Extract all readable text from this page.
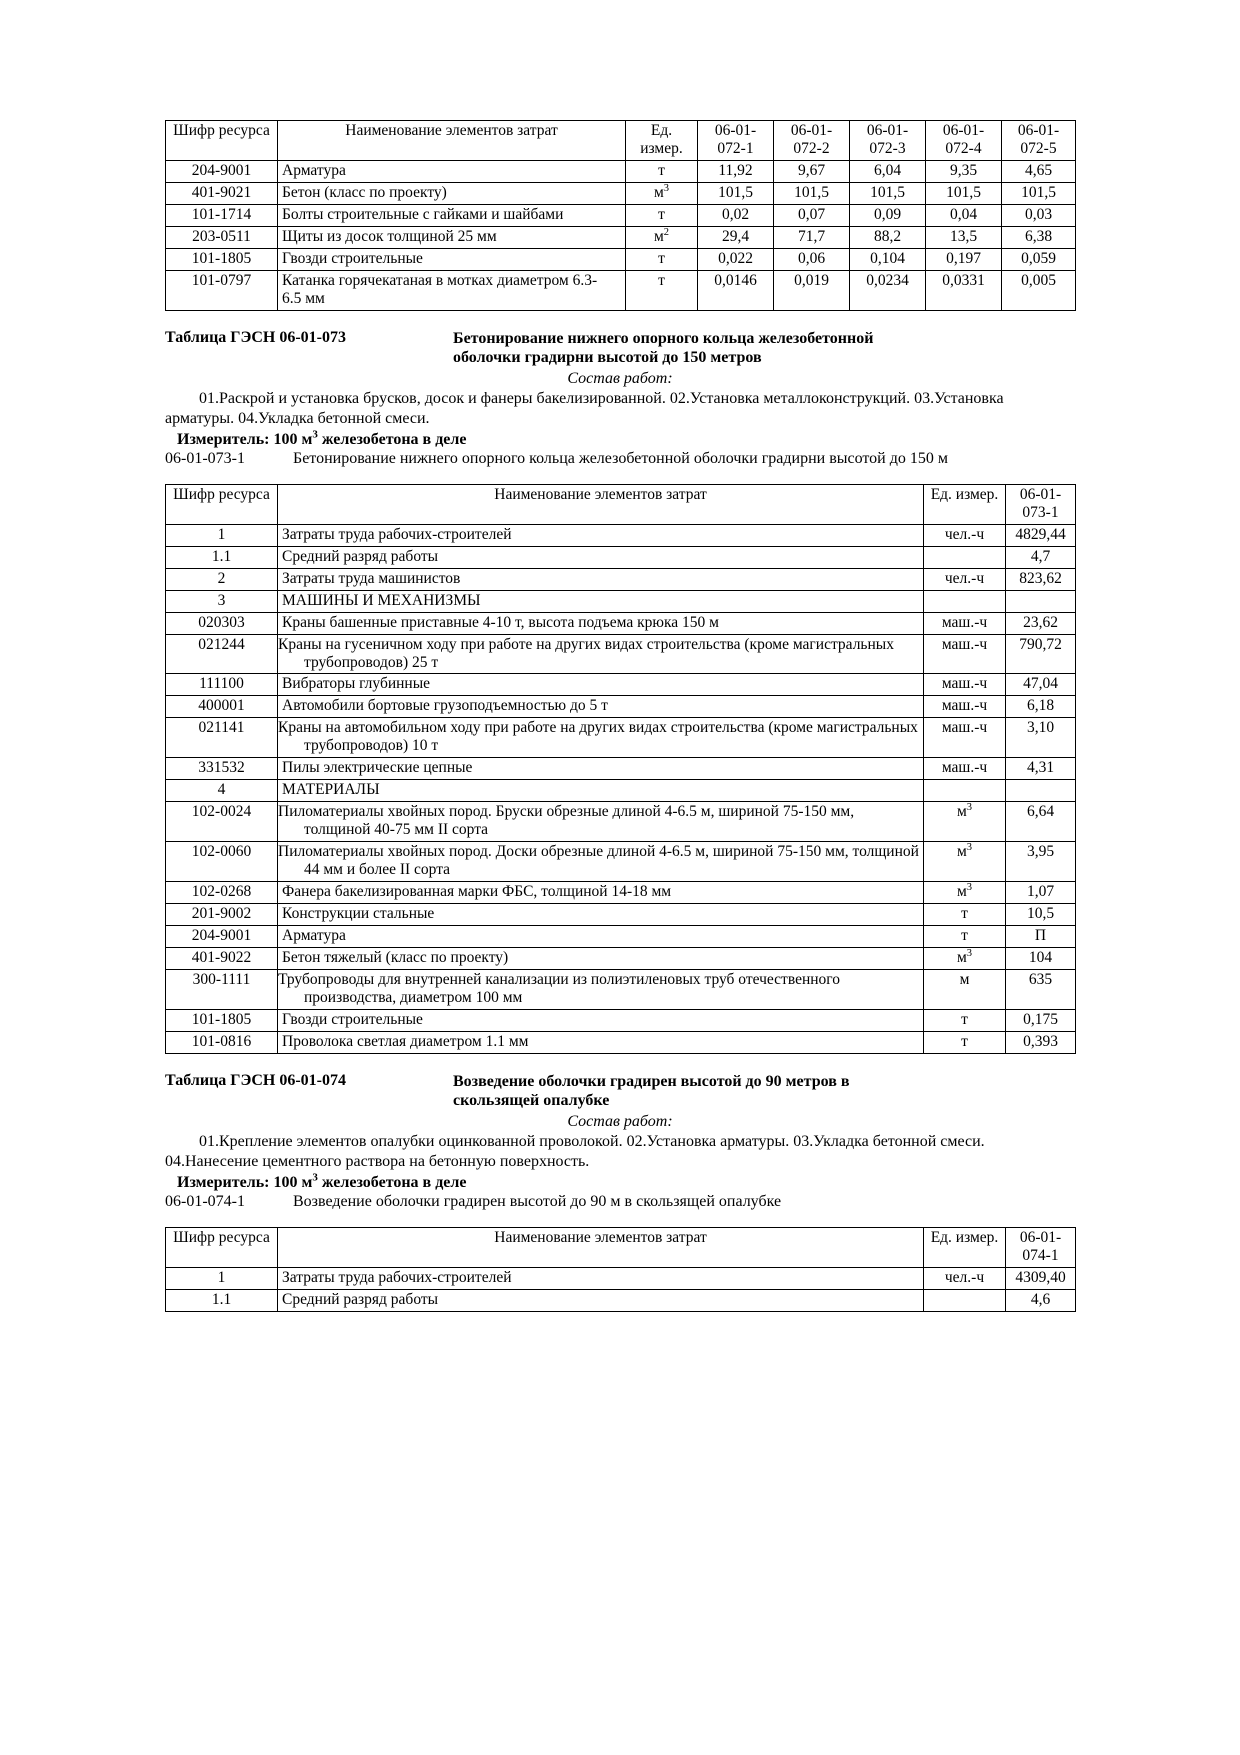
Шифр ресурса	Наименование элементов затрат	Ед. измер.	06-01-072-1	06-01-072-2	06-01-072-3	06-01-072-4	06-01-072-5
204-9001	Арматура	т	11,92	9,67	6,04	9,35	4,65
401-9021	Бетон (класс по проекту)	$м^3$	101,5	101,5	101,5	101,5	101,5
101-1714	Болты строительные с гайками и шайбами	т	0,02	0,07	0,09	0,04	0,03
203-0511	Щиты из досок толщиной 25 мм	$м^2$	29,4	71,7	88,2	13,5	6,38
101-1805	Гвозди строительные	т	0,022	0,06	0,104	0,197	0,059
101-0797	Катанка горячекатаная в мотках диаметром 6.3-6.5 мм	т	0,0146	0,019	0,0234	0,0331	0,005
Таблица ГЭСН 06-01-073	Бетонирование нижнего опорного кольца железобетонной оболочки градирни высотой до 150 метров
Состав работ:
01.Раскрой и установка брусков, досок и фанеры бакелизированной. 02.Установка металлоконструкций. 03.Установка арматуры. 04.Укладка бетонной смеси.
Измеритель: 100 $м^3$ железобетона в деле
06-01-073-1	Бетонирование нижнего опорного кольца железобетонной оболочки градирни высотой до 150 м
Шифр ресурса	Наименование элементов затрат	Ед. измер.	06-01-073-1
1	Затраты труда рабочих-строителей	чел.-ч	4829,44
1.1	Средний разряд работы		4,7
2	Затраты труда машинистов	чел.-ч	823,62
3	МАШИНЫ И МЕХАНИЗМЫ		
020303	Краны башенные приставные 4-10 т, высота подъема крюка 150 м	маш.-ч	23,62
021244	Краны на гусеничном ходу при работе на других видах строительства (кроме магистральных трубопроводов) 25 т	маш.-ч	790,72
111100	Вибраторы глубинные	маш.-ч	47,04
400001	Автомобили бортовые грузоподъемностью до 5 т	маш.-ч	6,18
021141	Краны на автомобильном ходу при работе на других видах строительства (кроме магистральных трубопроводов) 10 т	маш.-ч	3,10
331532	Пилы электрические цепные	маш.-ч	4,31
4	МАТЕРИАЛЫ		
102-0024	Пиломатериалы хвойных пород. Бруски обрезные длиной 4-6.5 м, шириной 75-150 мм, толщиной 40-75 мм II сорта	$м^3$	6,64
102-0060	Пиломатериалы хвойных пород. Доски обрезные длиной 4-6.5 м, шириной 75-150 мм, толщиной 44 мм и более II сорта	$м^3$	3,95
102-0268	Фанера бакелизированная марки ФБС, толщиной 14-18 мм	$м^3$	1,07
201-9002	Конструкции стальные	т	10,5
204-9001	Арматура	т	П
401-9022	Бетон тяжелый (класс по проекту)	$м^3$	104
300-1111	Трубопроводы для внутренней канализации из полиэтиленовых труб отечественного производства, диаметром 100 мм	м	635
101-1805	Гвозди строительные	т	0,175
101-0816	Проволока светлая диаметром 1.1 мм	т	0,393
Таблица ГЭСН 06-01-074	Возведение оболочки градирен высотой до 90 метров в скользящей опалубке
Состав работ:
01.Крепление элементов опалубки оцинкованной проволокой. 02.Установка арматуры. 03.Укладка бетонной смеси. 04.Нанесение цементного раствора на бетонную поверхность.
Измеритель: 100 $м^3$ железобетона в деле
06-01-074-1	Возведение оболочки градирен высотой до 90 м в скользящей опалубке
Шифр ресурса	Наименование элементов затрат	Ед. измер.	06-01-074-1
1	Затраты труда рабочих-строителей	чел.-ч	4309,40
1.1	Средний разряд работы		4,6
